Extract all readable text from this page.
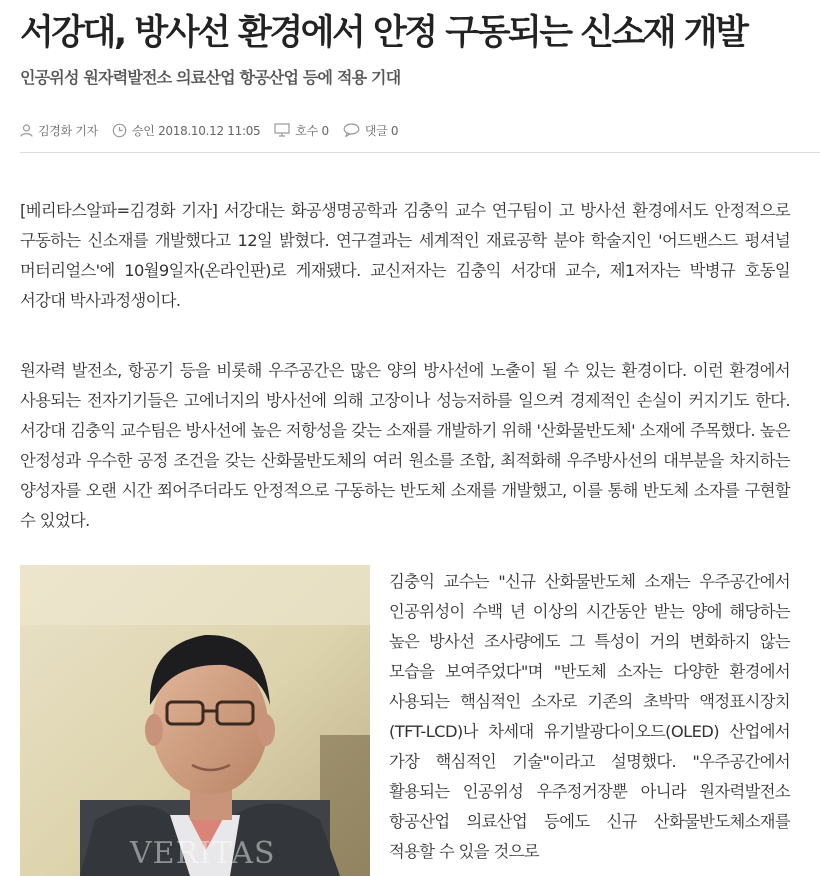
서강대, 방사선 환경에서 안정 구동되는 신소재 개발
인공위성 원자력발전소 의료산업 항공산업 등에 적용 기대
김경화 기자	승인 2018.10.12 11:05	호수 0	댓글 0

[베리타스알파=김경화 기자] 서강대는 화공생명공학과 김충익 교수 연구팀이 고 방사선 환경에서도 안정적으로 구동하는 신소재를 개발했다고 12일 밝혔다. 연구결과는 세계적인 재료공학 분야 학술지인 '어드밴스드 펑셔널 머터리얼스'에 10월9일자(온라인판)로 게재됐다. 교신저자는 김충익 서강대 교수, 제1저자는 박병규 호동일 서강대 박사과정생이다.

원자력 발전소, 항공기 등을 비롯해 우주공간은 많은 양의 방사선에 노출이 될 수 있는 환경이다. 이런 환경에서 사용되는 전자기기들은 고에너지의 방사선에 의해 고장이나 성능저하를 일으켜 경제적인 손실이 커지기도 한다. 서강대 김충익 교수팀은 방사선에 높은 저항성을 갖는 소재를 개발하기 위해 '산화물반도체' 소재에 주목했다. 높은 안정성과 우수한 공정 조건을 갖는 산화물반도체의 여러 원소를 조합, 최적화해 우주방사선의 대부분을 차지하는 양성자를 오랜 시간 쬐어주더라도 안정적으로 구동하는 반도체 소재를 개발했고, 이를 통해 반도체 소자를 구현할 수 있었다.

VERITAS

김충익 교수는 "신규 산화물반도체 소재는 우주공간에서 인공위성이 수백 년 이상의 시간동안 받는 양에 해당하는 높은 방사선 조사량에도 그 특성이 거의 변화하지 않는 모습을 보여주었다"며 "반도체 소자는 다양한 환경에서 사용되는 핵심적인 소자로 기존의 초박막 액정표시장치(TFT-LCD)나 차세대 유기발광다이오드(OLED) 산업에서 가장 핵심적인 기술"이라고 설명했다. "우주공간에서 활용되는 인공위성 우주정거장뿐 아니라 원자력발전소 항공산업 의료산업 등에도 신규 산화물반도체소재를 적용할 수 있을 것으로
